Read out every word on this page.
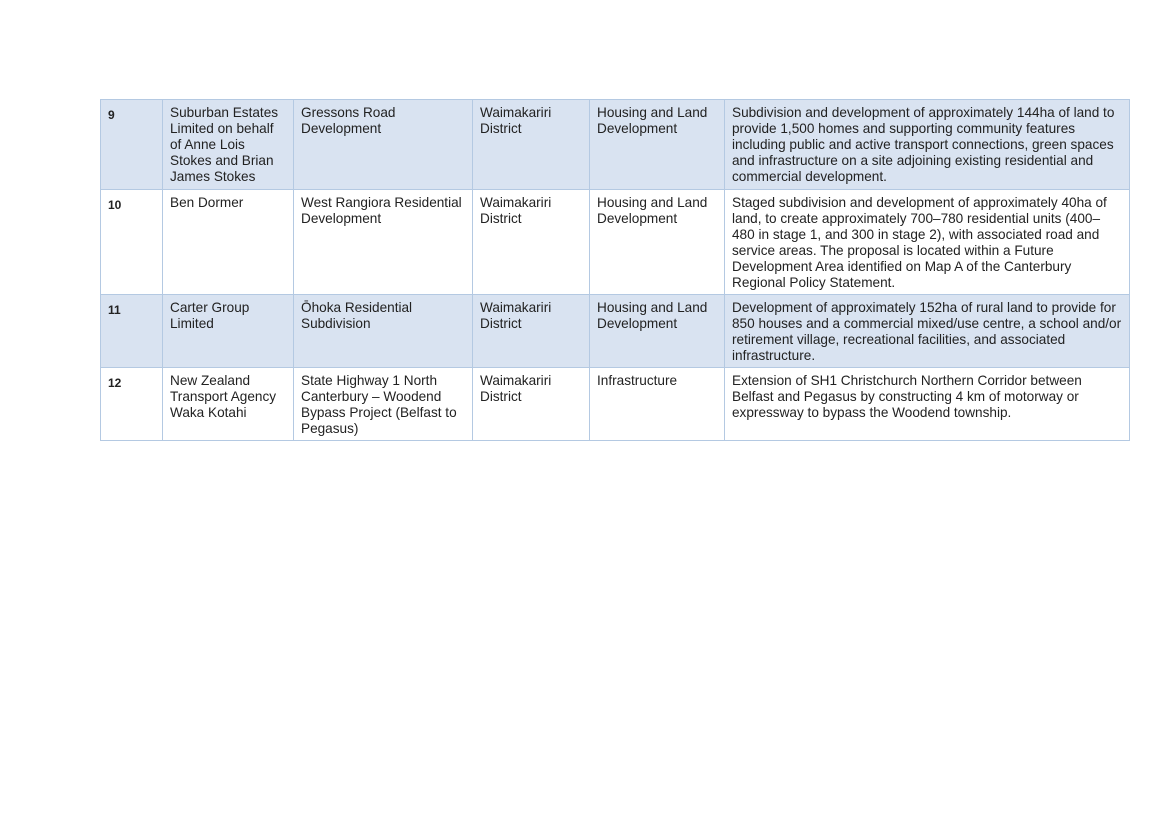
9	Suburban Estates Limited on behalf of Anne Lois Stokes and Brian James Stokes	Gressons Road Development	Waimakariri District	Housing and Land Development	Subdivision and development of approximately 144ha of land to provide 1,500 homes and supporting community features including public and active transport connections, green spaces and infrastructure on a site adjoining existing residential and commercial development.
10	Ben Dormer	West Rangiora Residential Development	Waimakariri District	Housing and Land Development	Staged subdivision and development of approximately 40ha of land, to create approximately 700–780 residential units (400–480 in stage 1, and 300 in stage 2), with associated road and service areas. The proposal is located within a Future Development Area identified on Map A of the Canterbury Regional Policy Statement.
11	Carter Group Limited	Ōhoka Residential Subdivision	Waimakariri District	Housing and Land Development	Development of approximately 152ha of rural land to provide for 850 houses and a commercial mixed/use centre, a school and/or retirement village, recreational facilities, and associated infrastructure.
12	New Zealand Transport Agency Waka Kotahi	State Highway 1 North Canterbury – Woodend Bypass Project (Belfast to Pegasus)	Waimakariri District	Infrastructure	Extension of SH1 Christchurch Northern Corridor between Belfast and Pegasus by constructing 4 km of motorway or expressway to bypass the Woodend township.
